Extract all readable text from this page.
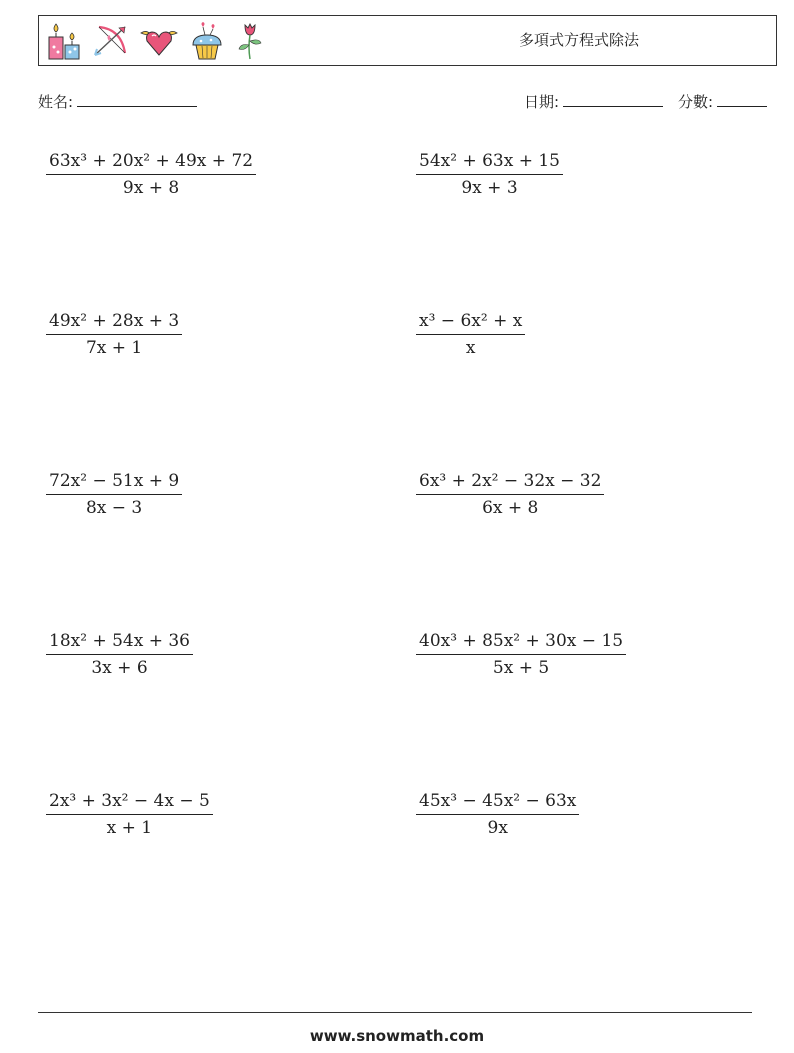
多項式方程式除法
姓名:	日期:	分數:
63x³ + 20x² + 49x + 72
9x + 8
54x² + 63x + 15
9x + 3
49x² + 28x + 3
7x + 1
x³ − 6x² + x
x
72x² − 51x + 9
8x − 3
6x³ + 2x² − 32x − 32
6x + 8
18x² + 54x + 36
3x + 6
40x³ + 85x² + 30x − 15
5x + 5
2x³ + 3x² − 4x − 5
x + 1
45x³ − 45x² − 63x
9x
www.snowmath.com
